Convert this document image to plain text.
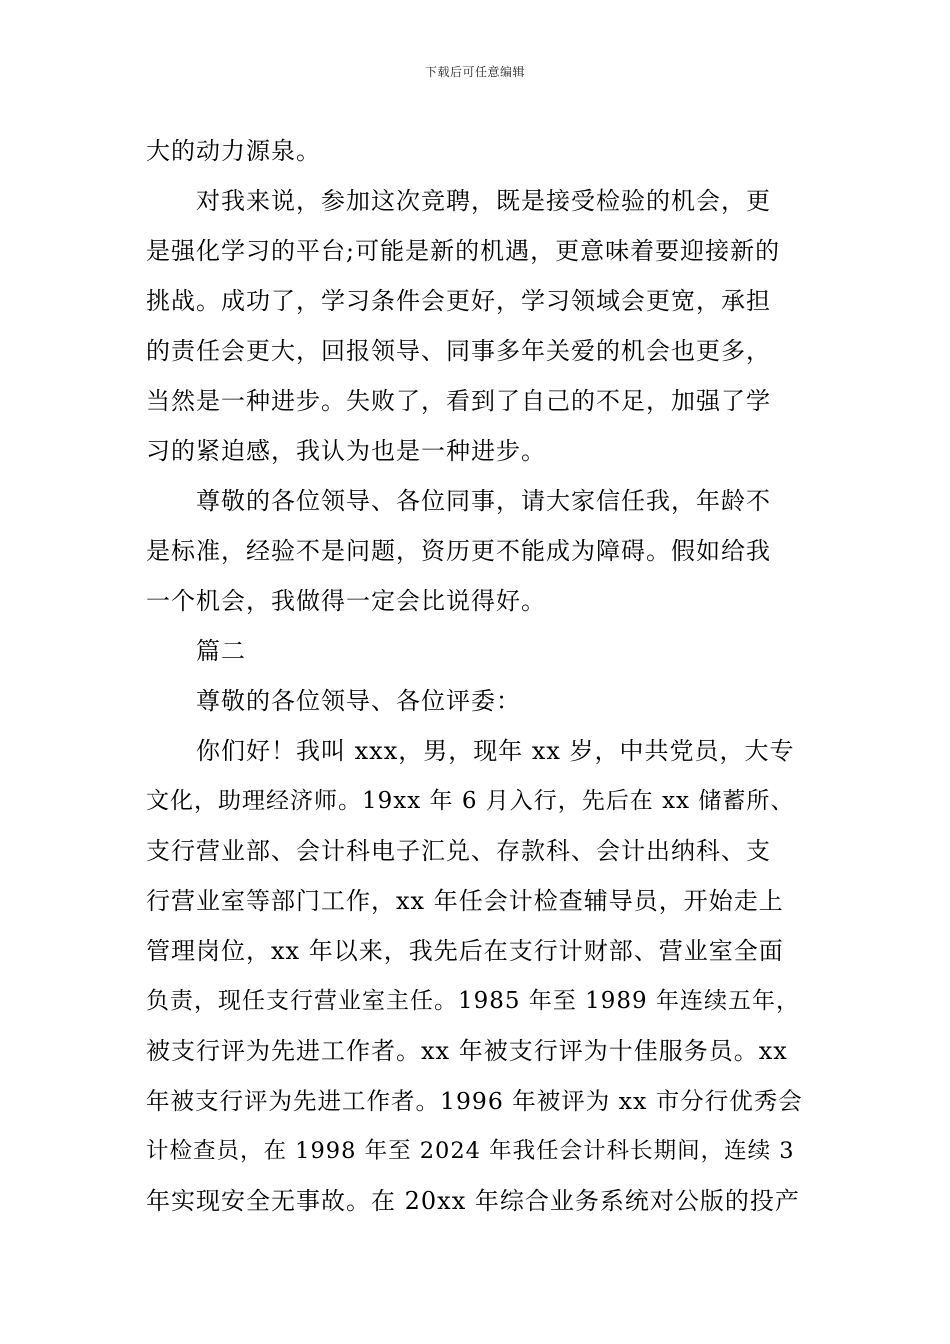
下载后可任意编辑
大的动力源泉。
对我来说，参加这次竞聘，既是接受检验的机会，更
是强化学习的平台;可能是新的机遇，更意味着要迎接新的
挑战。成功了，学习条件会更好，学习领域会更宽，承担
的责任会更大，回报领导、同事多年关爱的机会也更多，
当然是一种进步。失败了，看到了自己的不足，加强了学
习的紧迫感，我认为也是一种进步。
尊敬的各位领导、各位同事，请大家信任我，年龄不
是标准，经验不是问题，资历更不能成为障碍。假如给我
一个机会，我做得一定会比说得好。
篇二
尊敬的各位领导、各位评委：
你们好！我叫 xxx，男，现年 xx 岁，中共党员，大专
文化，助理经济师。19xx 年 6 月入行，先后在 xx 储蓄所、
支行营业部、会计科电子汇兑、存款科、会计出纳科、支
行营业室等部门工作，xx 年任会计检查辅导员，开始走上
管理岗位，xx 年以来，我先后在支行计财部、营业室全面
负责，现任支行营业室主任。1985 年至 1989 年连续五年，
被支行评为先进工作者。xx 年被支行评为十佳服务员。xx
年被支行评为先进工作者。1996 年被评为 xx 市分行优秀会
计检查员，在 1998 年至 2024 年我任会计科长期间，连续 3
年实现安全无事故。在 20xx 年综合业务系统对公版的投产
